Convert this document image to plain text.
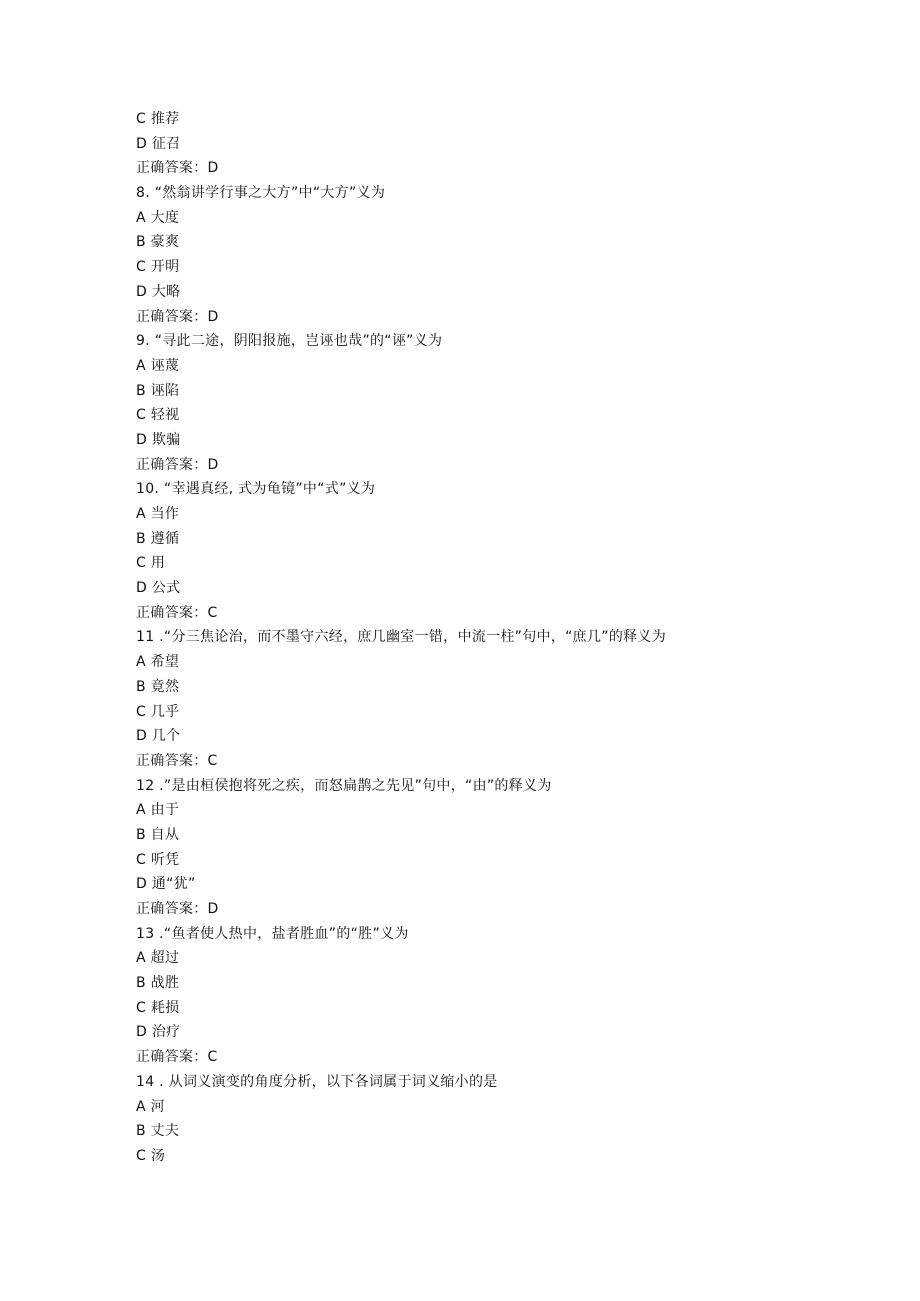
C 推荐
D 征召
正确答案：D
8. “然翁讲学行事之大方”中“大方”义为
A 大度
B 豪爽
C 开明
D 大略
正确答案：D
9. “寻此二途，阴阳报施，岂诬也哉”的“诬”义为
A 诬蔑
B 诬陷
C 轻视
D 欺骗
正确答案：D
10. “幸遇真经, 式为龟镜”中“式”义为
A 当作
B 遵循
C 用
D 公式
正确答案：C
11 .“分三焦论治，而不墨守六经，庶几幽室一错，中流一柱”句中，“庶几”的释义为
A 希望
B 竟然
C 几乎
D 几个
正确答案：C
12 .”是由桓侯抱将死之疾，而怒扁鹊之先见”句中，“由”的释义为
A 由于
B 自从
C 听凭
D 通“犹”
正确答案：D
13 .“鱼者使人热中，盐者胜血”的“胜”义为
A 超过
B 战胜
C 耗损
D 治疗
正确答案：C
14 . 从词义演变的角度分析，以下各词属于词义缩小的是
A 河
B 丈夫
C 汤
